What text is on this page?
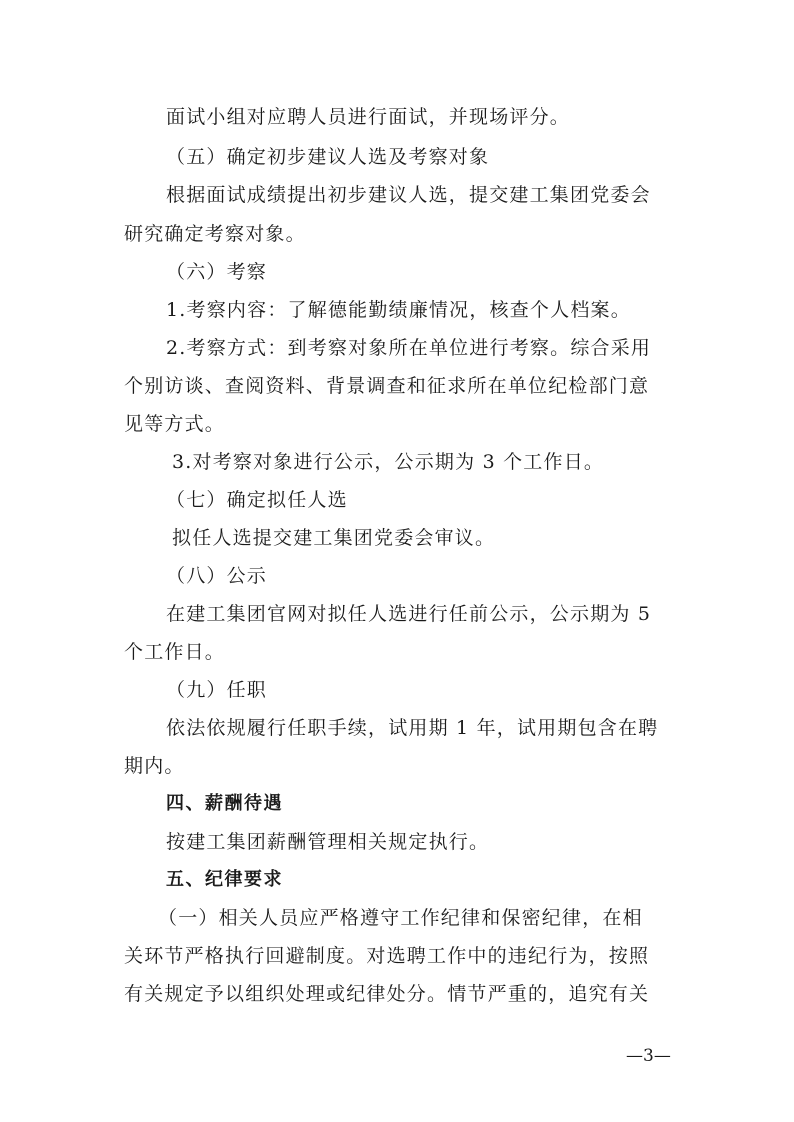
面试小组对应聘人员进行面试，并现场评分。
（五）确定初步建议人选及考察对象
根据面试成绩提出初步建议人选，提交建工集团党委会
研究确定考察对象。
（六）考察
1.考察内容：了解德能勤绩廉情况，核查个人档案。
2.考察方式：到考察对象所在单位进行考察。综合采用
个别访谈、查阅资料、背景调查和征求所在单位纪检部门意
见等方式。
3.对考察对象进行公示，公示期为 3 个工作日。
（七）确定拟任人选
拟任人选提交建工集团党委会审议。
（八）公示
在建工集团官网对拟任人选进行任前公示，公示期为 5
个工作日。
（九）任职
依法依规履行任职手续，试用期 1 年，试用期包含在聘
期内。
四、薪酬待遇
按建工集团薪酬管理相关规定执行。
五、纪律要求
（一）相关人员应严格遵守工作纪律和保密纪律，在相
关环节严格执行回避制度。对选聘工作中的违纪行为，按照
有关规定予以组织处理或纪律处分。情节严重的，追究有关
—3—
